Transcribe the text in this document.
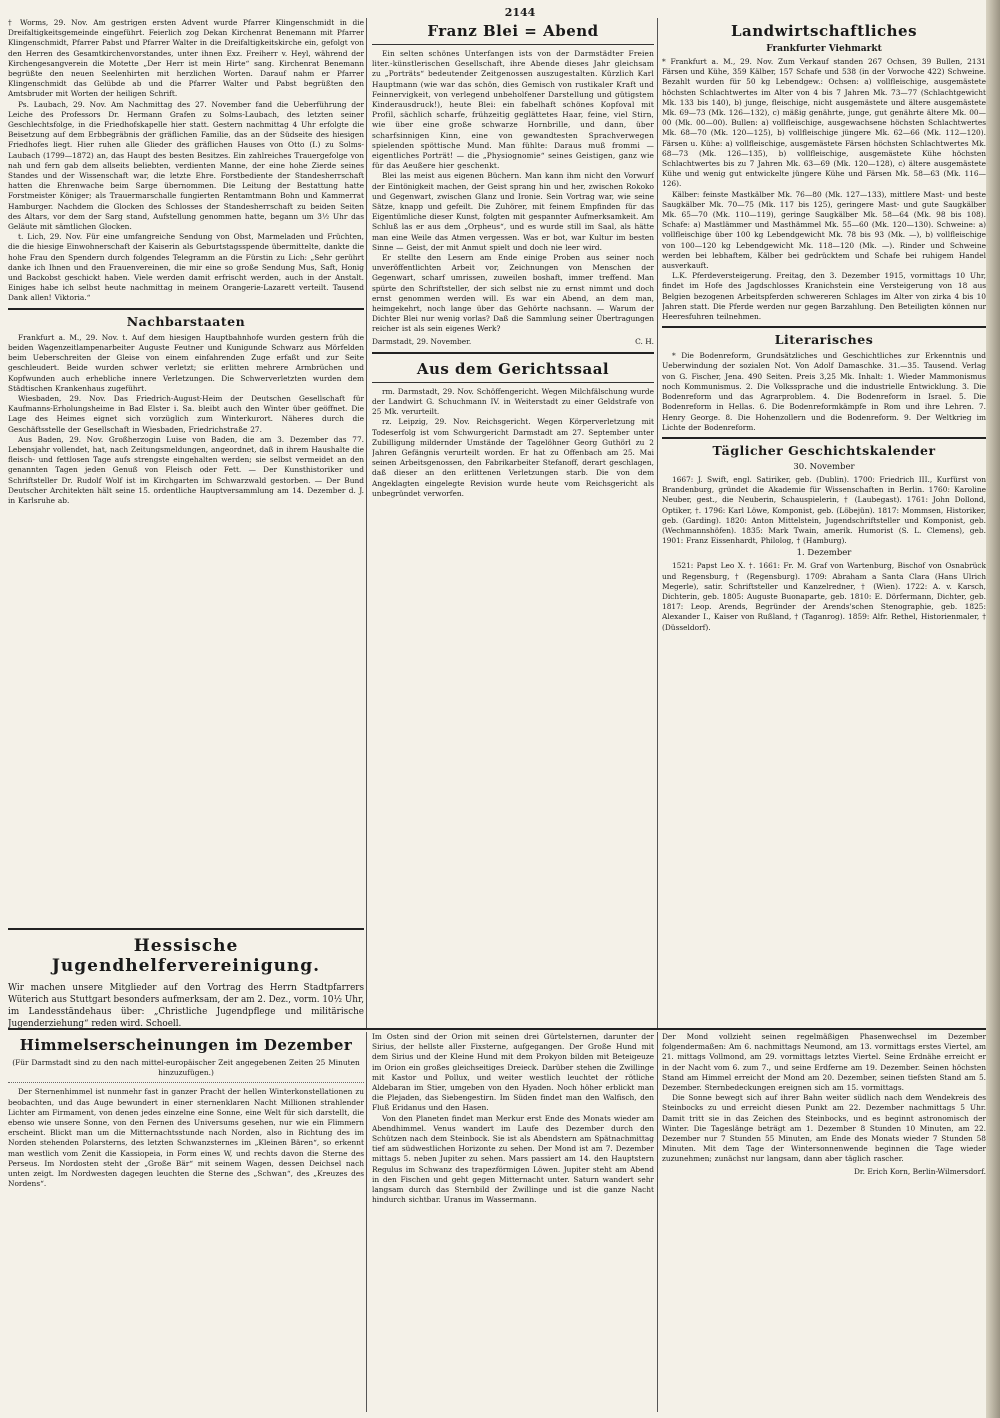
2144

† Worms, 29. Nov. Am gestrigen ersten Advent wurde Pfarrer Klingenschmidt in die Dreifaltigkeitsgemeinde eingeführt. Feierlich zog Dekan Kirchenrat Benemann mit Pfarrer Klingenschmidt, Pfarrer Pabst und Pfarrer Walter in die Dreifaltigkeitskirche ein, gefolgt von den Herren des Gesamtkirchenvorstandes, unter ihnen Exz. Freiherr v. Heyl, während der Kirchengesangverein die Motette „Der Herr ist mein Hirte“ sang. Kirchenrat Benemann begrüßte den neuen Seelenhirten mit herzlichen Worten. Darauf nahm er Pfarrer Klingenschmidt das Gelübde ab und die Pfarrer Walter und Pabst begrüßten den Amtsbruder mit Worten der heiligen Schrift.

Ps. Laubach, 29. Nov. Am Nachmittag des 27. November fand die Ueberführung der Leiche des Professors Dr. Hermann Grafen zu Solms-Laubach, des letzten seiner Geschlechtsfolge, in die Friedhofskapelle hier statt. Gestern nachmittag 4 Uhr erfolgte die Beisetzung auf dem Erbbegräbnis der gräflichen Familie, das an der Südseite des hiesigen Friedhofes liegt. Hier ruhen alle Glieder des gräflichen Hauses von Otto (I.) zu Solms-Laubach (1799—1872) an, das Haupt des besten Besitzes. Ein zahlreiches Trauergefolge von nah und fern gab dem allseits beliebten, verdienten Manne, der eine hohe Zierde seines Standes und der Wissenschaft war, die letzte Ehre. Forstbediente der Standesherrschaft hatten die Ehrenwache beim Sarge übernommen. Die Leitung der Bestattung hatte Forstmeister Königer; als Trauermarschalle fungierten Rentamtmann Bohn und Kammerrat Hamburger. Nachdem die Glocken des Schlosses der Standesherrschaft zu beiden Seiten des Altars, vor dem der Sarg stand, Aufstellung genommen hatte, begann um 3½ Uhr das Geläute mit sämtlichen Glocken.

t. Lich, 29. Nov. Für eine umfangreiche Sendung von Obst, Marmeladen und Früchten, die die hiesige Einwohnerschaft der Kaiserin als Geburtstagsspende übermittelte, dankte die hohe Frau den Spendern durch folgendes Telegramm an die Fürstin zu Lich: „Sehr gerührt danke ich Ihnen und den Frauenvereinen, die mir eine so große Sendung Mus, Saft, Honig und Backobst geschickt haben. Viele werden damit erfrischt werden, auch in der Anstalt. Einiges habe ich selbst heute nachmittag in meinem Orangerie-Lazarett verteilt. Tausend Dank allen! Viktoria.“

Nachbarstaaten

Frankfurt a. M., 29. Nov. t. Auf dem hiesigen Hauptbahnhofe wurden gestern früh die beiden Wagenzeitlampenarbeiter Auguste Feutner und Kunigunde Schwarz aus Mörfelden beim Ueberschreiten der Gleise von einem einfahrenden Zuge erfaßt und zur Seite geschleudert. Beide wurden schwer verletzt; sie erlitten mehrere Armbrüchen und Kopfwunden auch erhebliche innere Verletzungen. Die Schwerverletzten wurden dem Städtischen Krankenhaus zugeführt.

Wiesbaden, 29. Nov. Das Friedrich-August-Heim der Deutschen Gesellschaft für Kaufmanns-Erholungsheime in Bad Elster i. Sa. bleibt auch den Winter über geöffnet. Die Lage des Heimes eignet sich vorzüglich zum Winterkurort. Näheres durch die Geschäftsstelle der Gesellschaft in Wiesbaden, Friedrichstraße 27.

Aus Baden, 29. Nov. Großherzogin Luise von Baden, die am 3. Dezember das 77. Lebensjahr vollendet, hat, nach Zeitungsmeldungen, angeordnet, daß in ihrem Haushalte die fleisch- und fettlosen Tage aufs strengste eingehalten werden; sie selbst vermeidet an den genannten Tagen jeden Genuß von Fleisch oder Fett. — Der Kunsthistoriker und Schriftsteller Dr. Rudolf Wolf ist im Kirchgarten im Schwarzwald gestorben. — Der Bund Deutscher Architekten hält seine 15. ordentliche Hauptversammlung am 14. Dezember d. J. in Karlsruhe ab.

Hessische Jugendhelfervereinigung.

Wir machen unsere Mitglieder auf den Vortrag des Herrn Stadtpfarrers Wüterich aus Stuttgart besonders aufmerksam, der am 2. Dez., vorm. 10½ Uhr, im Landesständehaus über: „Christliche Jugendpflege und militärische Jugenderziehung“ reden wird. Schoell.

Franz Blei = Abend

Ein selten schönes Unterfangen ists von der Darmstädter Freien liter.-künstlerischen Gesellschaft, ihre Abende dieses Jahr gleichsam zu „Porträts“ bedeutender Zeitgenossen auszugestalten. Kürzlich Karl Hauptmann (wie war das schön, dies Gemisch von rustikaler Kraft und Feinnervigkeit, von verlegend unbeholfener Darstellung und gütigstem Kinderausdruck!), heute Blei: ein fabelhaft schönes Kopfoval mit Profil, sächlich scharfe, frühzeitig geglättetes Haar, feine, viel Stirn, wie über eine große schwarze Hornbrille, und dann, über scharfsinnigen Kinn, eine von gewandtesten Sprachverwegen spielenden spöttische Mund. Man fühlte: Daraus muß frommi — eigentliches Porträt! — die „Physiognomie“ seines Geistigen, ganz wie für das Aeußere hier geschenkt.

Blei las meist aus eigenen Büchern. Man kann ihm nicht den Vorwurf der Eintönigkeit machen, der Geist sprang hin und her, zwischen Rokoko und Gegenwart, zwischen Glanz und Ironie. Sein Vortrag war, wie seine Sätze, knapp und gefeilt. Die Zuhörer, mit feinem Empfinden für das Eigentümliche dieser Kunst, folgten mit gespannter Aufmerksamkeit. Am Schluß las er aus dem „Orpheus“, und es wurde still im Saal, als hätte man eine Weile das Atmen vergessen. Was er bot, war Kultur im besten Sinne — Geist, der mit Anmut spielt und doch nie leer wird.

Er stellte den Lesern am Ende einige Proben aus seiner noch unveröffentlichten Arbeit vor, Zeichnungen von Menschen der Gegenwart, scharf umrissen, zuweilen boshaft, immer treffend. Man spürte den Schriftsteller, der sich selbst nie zu ernst nimmt und doch ernst genommen werden will. Es war ein Abend, an dem man, heimgekehrt, noch lange über das Gehörte nachsann. — Warum der Dichter Blei nur wenig vorlas? Daß die Sammlung seiner Übertragungen reicher ist als sein eigenes Werk?

Darmstadt, 29. November.	C. H.
Aus dem Gerichtssaal

rm. Darmstadt, 29. Nov. Schöffengericht. Wegen Milchfälschung wurde der Landwirt G. Schuchmann IV. in Weiterstadt zu einer Geldstrafe von 25 Mk. verurteilt.

rz. Leipzig, 29. Nov. Reichsgericht. Wegen Körperverletzung mit Todeserfolg ist vom Schwurgericht Darmstadt am 27. September unter Zubilligung mildernder Umstände der Tagelöhner Georg Guthörl zu 2 Jahren Gefängnis verurteilt worden. Er hat zu Offenbach am 25. Mai seinen Arbeitsgenossen, den Fabrikarbeiter Stefanoff, derart geschlagen, daß dieser an den erlittenen Verletzungen starb. Die von dem Angeklagten eingelegte Revision wurde heute vom Reichsgericht als unbegründet verworfen.

Landwirtschaftliches
Frankfurter Viehmarkt

* Frankfurt a. M., 29. Nov. Zum Verkauf standen 267 Ochsen, 39 Bullen, 2131 Färsen und Kühe, 359 Kälber, 157 Schafe und 538 (in der Vorwoche 422) Schweine. Bezahlt wurden für 50 kg Lebendgew.: Ochsen: a) vollfleischige, ausgemästete höchsten Schlachtwertes im Alter von 4 bis 7 Jahren Mk. 73—77 (Schlachtgewicht Mk. 133 bis 140), b) junge, fleischige, nicht ausgemästete und ältere ausgemästete Mk. 69—73 (Mk. 126—132), c) mäßig genährte, junge, gut genährte ältere Mk. 00—00 (Mk. 00—00). Bullen: a) vollfleischige, ausgewachsene höchsten Schlachtwertes Mk. 68—70 (Mk. 120—125), b) vollfleischige jüngere Mk. 62—66 (Mk. 112—120). Färsen u. Kühe: a) vollfleischige, ausgemästete Färsen höchsten Schlachtwertes Mk. 68—73 (Mk. 126—135), b) vollfleischige, ausgemästete Kühe höchsten Schlachtwertes bis zu 7 Jahren Mk. 63—69 (Mk. 120—128), c) ältere ausgemästete Kühe und wenig gut entwickelte jüngere Kühe und Färsen Mk. 58—63 (Mk. 116—126).

Kälber: feinste Mastkälber Mk. 76—80 (Mk. 127—133), mittlere Mast- und beste Saugkälber Mk. 70—75 (Mk. 117 bis 125), geringere Mast- und gute Saugkälber Mk. 65—70 (Mk. 110—119), geringe Saugkälber Mk. 58—64 (Mk. 98 bis 108). Schafe: a) Mastlämmer und Masthämmel Mk. 55—60 (Mk. 120—130). Schweine: a) vollfleischige über 100 kg Lebendgewicht Mk. 78 bis 93 (Mk. —), b) vollfleischige von 100—120 kg Lebendgewicht Mk. 118—120 (Mk. —). Rinder und Schweine werden bei lebhaftem, Kälber bei gedrücktem und Schafe bei ruhigem Handel ausverkauft.

L.K. Pferdeversteigerung. Freitag, den 3. Dezember 1915, vormittags 10 Uhr, findet im Hofe des Jagdschlosses Kranichstein eine Versteigerung von 18 aus Belgien bezogenen Arbeitspferden schwereren Schlages im Alter von zirka 4 bis 10 Jahren statt. Die Pferde werden nur gegen Barzahlung. Den Beteiligten können nur Heeresfuhren teilnehmen.

Literarisches

* Die Bodenreform, Grundsätzliches und Geschichtliches zur Erkenntnis und Ueberwindung der sozialen Not. Von Adolf Damaschke. 31.—35. Tausend. Verlag von G. Fischer, Jena. 490 Seiten. Preis 3,25 Mk. Inhalt: 1. Wieder Mammonismus noch Kommunismus. 2. Die Volkssprache und die industrielle Entwicklung. 3. Die Bodenreform und das Agrarproblem. 4. Die Bodenreform in Israel. 5. Die Bodenreform in Hellas. 6. Die Bodenreformkämpfe in Rom und ihre Lehren. 7. Henry George. 8. Die Hohenzollern und die Bodenreform. 9. Der Weltkrieg im Lichte der Bodenreform.

Täglicher Geschichtskalender
30. November

1667: J. Swift, engl. Satiriker, geb. (Dublin). 1700: Friedrich III., Kurfürst von Brandenburg, gründet die Akademie für Wissenschaften in Berlin. 1760: Karoline Neuber, gest., die Neuberin, Schauspielerin, † (Laubegast). 1761: John Dollond, Optiker, †. 1796: Karl Löwe, Komponist, geb. (Löbejün). 1817: Mommsen, Historiker, geb. (Garding). 1820: Anton Mittelstein, Jugendschriftsteller und Komponist, geb. (Wechmannshöfen). 1835: Mark Twain, amerik. Humorist (S. L. Clemens), geb. 1901: Franz Eissenhardt, Philolog, † (Hamburg).

1. Dezember

1521: Papst Leo X. †. 1661: Fr. M. Graf von Wartenburg, Bischof von Osnabrück und Regensburg, † (Regensburg). 1709: Abraham a Santa Clara (Hans Ulrich Megerle), satir. Schriftsteller und Kanzelredner, † (Wien). 1722: A. v. Karsch, Dichterin, geb. 1805: Auguste Buonaparte, geb. 1810: E. Dörfermann, Dichter, geb. 1817: Leop. Arends, Begründer der Arends'schen Stenographie, geb. 1825: Alexander I., Kaiser von Rußland, † (Taganrog). 1859: Alfr. Rethel, Historienmaler, † (Düsseldorf).

Himmelserscheinungen im Dezember

(Für Darmstadt sind zu den nach mittel-europäischer Zeit angegebenen Zeiten 25 Minuten hinzuzufügen.)

Der Sternenhimmel ist nunmehr fast in ganzer Pracht der hellen Winterkonstellationen zu beobachten, und das Auge bewundert in einer sternenklaren Nacht Millionen strahlender Lichter am Firmament, von denen jedes einzelne eine Sonne, eine Welt für sich darstellt, die ebenso wie unsere Sonne, von den Fernen des Universums gesehen, nur wie ein Flimmern erscheint. Blickt man um die Mitternachtsstunde nach Norden, also in Richtung des im Norden stehenden Polarsterns, des letzten Schwanzsternes im „Kleinen Bären“, so erkennt man westlich vom Zenit die Kassiopeia, in Form eines W, und rechts davon die Sterne des Perseus. Im Nordosten steht der „Große Bär“ mit seinem Wagen, dessen Deichsel nach unten zeigt. Im Nordwesten dagegen leuchten die Sterne des „Schwan“, des „Kreuzes des Nordens“.

Im Osten sind der Orion mit seinen drei Gürtelsternen, darunter der Sirius, der hellste aller Fixsterne, aufgegangen. Der Große Hund mit dem Sirius und der Kleine Hund mit dem Prokyon bilden mit Beteigeuze im Orion ein großes gleichseitiges Dreieck. Darüber stehen die Zwillinge mit Kastor und Pollux, und weiter westlich leuchtet der rötliche Aldebaran im Stier, umgeben von den Hyaden. Noch höher erblickt man die Plejaden, das Siebengestirn. Im Süden findet man den Walfisch, den Fluß Eridanus und den Hasen.

Von den Planeten findet man Merkur erst Ende des Monats wieder am Abendhimmel. Venus wandert im Laufe des Dezember durch den Schützen nach dem Steinbock. Sie ist als Abendstern am Spätnachmittag tief am südwestlichen Horizonte zu sehen. Der Mond ist am 7. Dezember mittags 5. neben Jupiter zu sehen. Mars passiert am 14. den Hauptstern Regulus im Schwanz des trapezförmigen Löwen. Jupiter steht am Abend in den Fischen und geht gegen Mitternacht unter. Saturn wandert sehr langsam durch das Sternbild der Zwillinge und ist die ganze Nacht hindurch sichtbar. Uranus im Wassermann.

Der Mond vollzieht seinen regelmäßigen Phasenwechsel im Dezember folgendermaßen: Am 6. nachmittags Neumond, am 13. vormittags erstes Viertel, am 21. mittags Vollmond, am 29. vormittags letztes Viertel. Seine Erdnähe erreicht er in der Nacht vom 6. zum 7., und seine Erdferne am 19. Dezember. Seinen höchsten Stand am Himmel erreicht der Mond am 20. Dezember, seinen tiefsten Stand am 5. Dezember. Sternbedeckungen ereignen sich am 15. vormittags.

Die Sonne bewegt sich auf ihrer Bahn weiter südlich nach dem Wendekreis des Steinbocks zu und erreicht diesen Punkt am 22. Dezember nachmittags 5 Uhr. Damit tritt sie in das Zeichen des Steinbocks, und es beginnt astronomisch der Winter. Die Tageslänge beträgt am 1. Dezember 8 Stunden 10 Minuten, am 22. Dezember nur 7 Stunden 55 Minuten, am Ende des Monats wieder 7 Stunden 58 Minuten. Mit dem Tage der Wintersonnenwende beginnen die Tage wieder zuzunehmen; zunächst nur langsam, dann aber täglich rascher.

Dr. Erich Korn, Berlin-Wilmersdorf.
